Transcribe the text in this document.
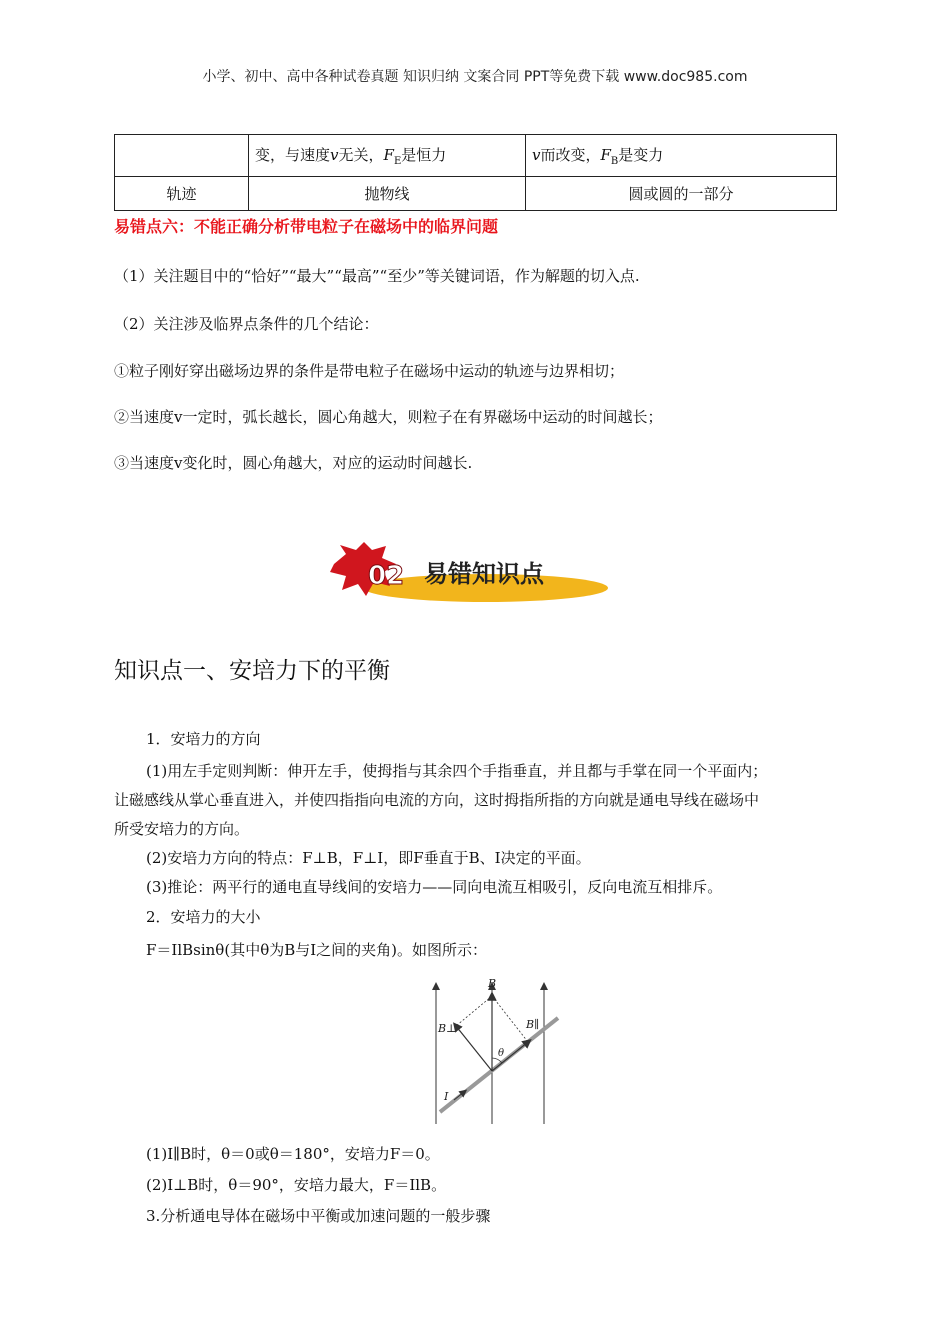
小学、初中、高中各种试卷真题 知识归纳 文案合同 PPT等免费下载 www.doc985.com
	变，与速度v无关，$F_E$是恒力	v而改变，$F_B$是变力
轨迹	抛物线	圆或圆的一部分
易错点六：不能正确分析带电粒子在磁场中的临界问题
（1）关注题目中的“恰好”“最大”“最高”“至少”等关键词语，作为解题的切入点.
（2）关注涉及临界点条件的几个结论：
①粒子刚好穿出磁场边界的条件是带电粒子在磁场中运动的轨迹与边界相切；
②当速度v一定时，弧长越长，圆心角越大，则粒子在有界磁场中运动的时间越长；
③当速度v变化时，圆心角越大，对应的运动时间越长.
02 易错知识点
知识点一、安培力下的平衡
1．安培力的方向
(1)用左手定则判断：伸开左手，使拇指与其余四个手指垂直，并且都与手掌在同一个平面内；
让磁感线从掌心垂直进入，并使四指指向电流的方向，这时拇指所指的方向就是通电导线在磁场中
所受安培力的方向。
(2)安培力方向的特点：F⊥B，F⊥I，即F垂直于B、I决定的平面。
(3)推论：两平行的通电直导线间的安培力——同向电流互相吸引，反向电流互相排斥。
2．安培力的大小
F＝IlBsinθ(其中θ为B与I之间的夹角)。如图所示：
B
B⊥	B∥
θ
I
(1)I∥B时，θ＝0或θ＝180°，安培力F＝0。
(2)I⊥B时，θ＝90°，安培力最大，F＝IlB。
3.分析通电导体在磁场中平衡或加速问题的一般步骤
